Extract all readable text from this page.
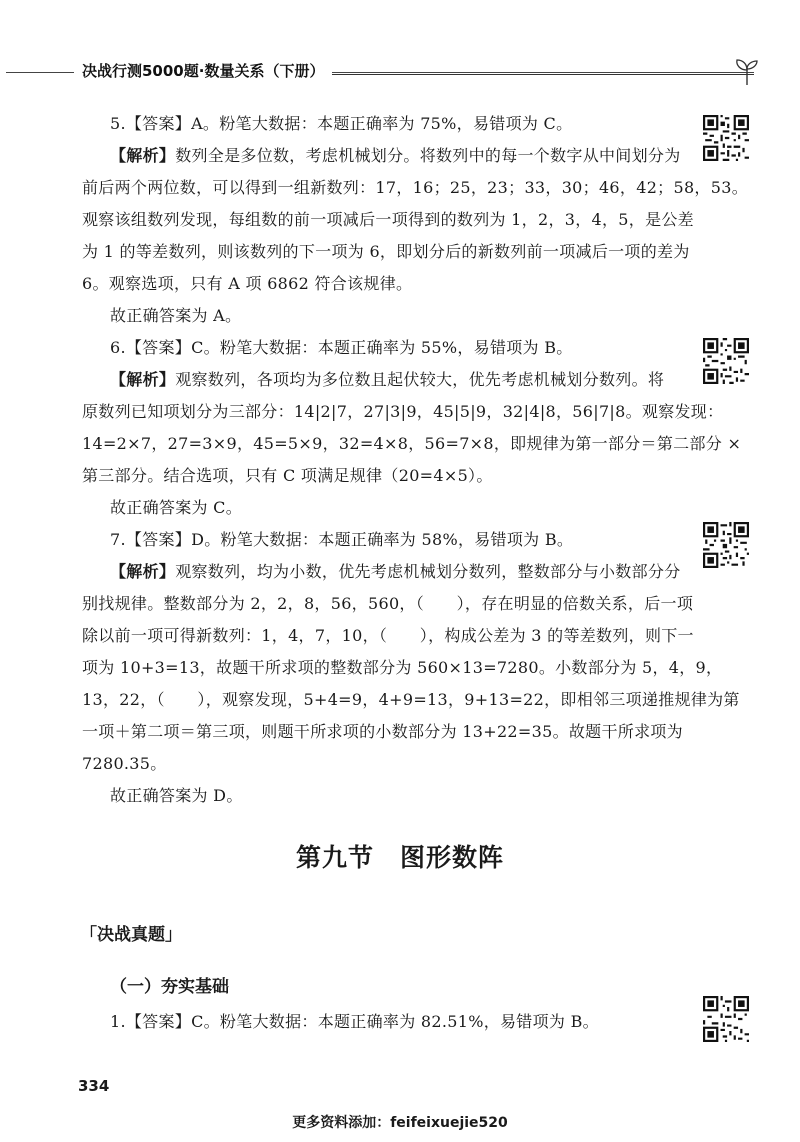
决战行测5000题·数量关系（下册）
5.【答案】A。粉笔大数据：本题正确率为 75%，易错项为 C。
【解析】数列全是多位数，考虑机械划分。将数列中的每一个数字从中间划分为
前后两个两位数，可以得到一组新数列：17，16；25，23；33，30；46，42；58，53。
观察该组数列发现，每组数的前一项减后一项得到的数列为 1，2，3，4，5，是公差
为 1 的等差数列，则该数列的下一项为 6，即划分后的新数列前一项减后一项的差为
6。观察选项，只有 A 项 6862 符合该规律。
故正确答案为 A。
6.【答案】C。粉笔大数据：本题正确率为 55%，易错项为 B。
【解析】观察数列，各项均为多位数且起伏较大，优先考虑机械划分数列。将
原数列已知项划分为三部分：14|2|7，27|3|9，45|5|9，32|4|8，56|7|8。观察发现：
14=2×7，27=3×9，45=5×9，32=4×8，56=7×8，即规律为第一部分＝第二部分 ×
第三部分。结合选项，只有 C 项满足规律（20=4×5）。
故正确答案为 C。
7.【答案】D。粉笔大数据：本题正确率为 58%，易错项为 B。
【解析】观察数列，均为小数，优先考虑机械划分数列，整数部分与小数部分分
别找规律。整数部分为 2，2，8，56，560，（　　），存在明显的倍数关系，后一项
除以前一项可得新数列：1，4，7，10，（　　），构成公差为 3 的等差数列，则下一
项为 10+3=13，故题干所求项的整数部分为 560×13=7280。小数部分为 5，4，9，
13，22，（　　），观察发现，5+4=9，4+9=13，9+13=22，即相邻三项递推规律为第
一项＋第二项＝第三项，则题干所求项的小数部分为 13+22=35。故题干所求项为
7280.35。
故正确答案为 D。
第九节　图形数阵
「决战真题」
（一）夯实基础
1.【答案】C。粉笔大数据：本题正确率为 82.51%，易错项为 B。
334
更多资料添加：feifeixuejie520
